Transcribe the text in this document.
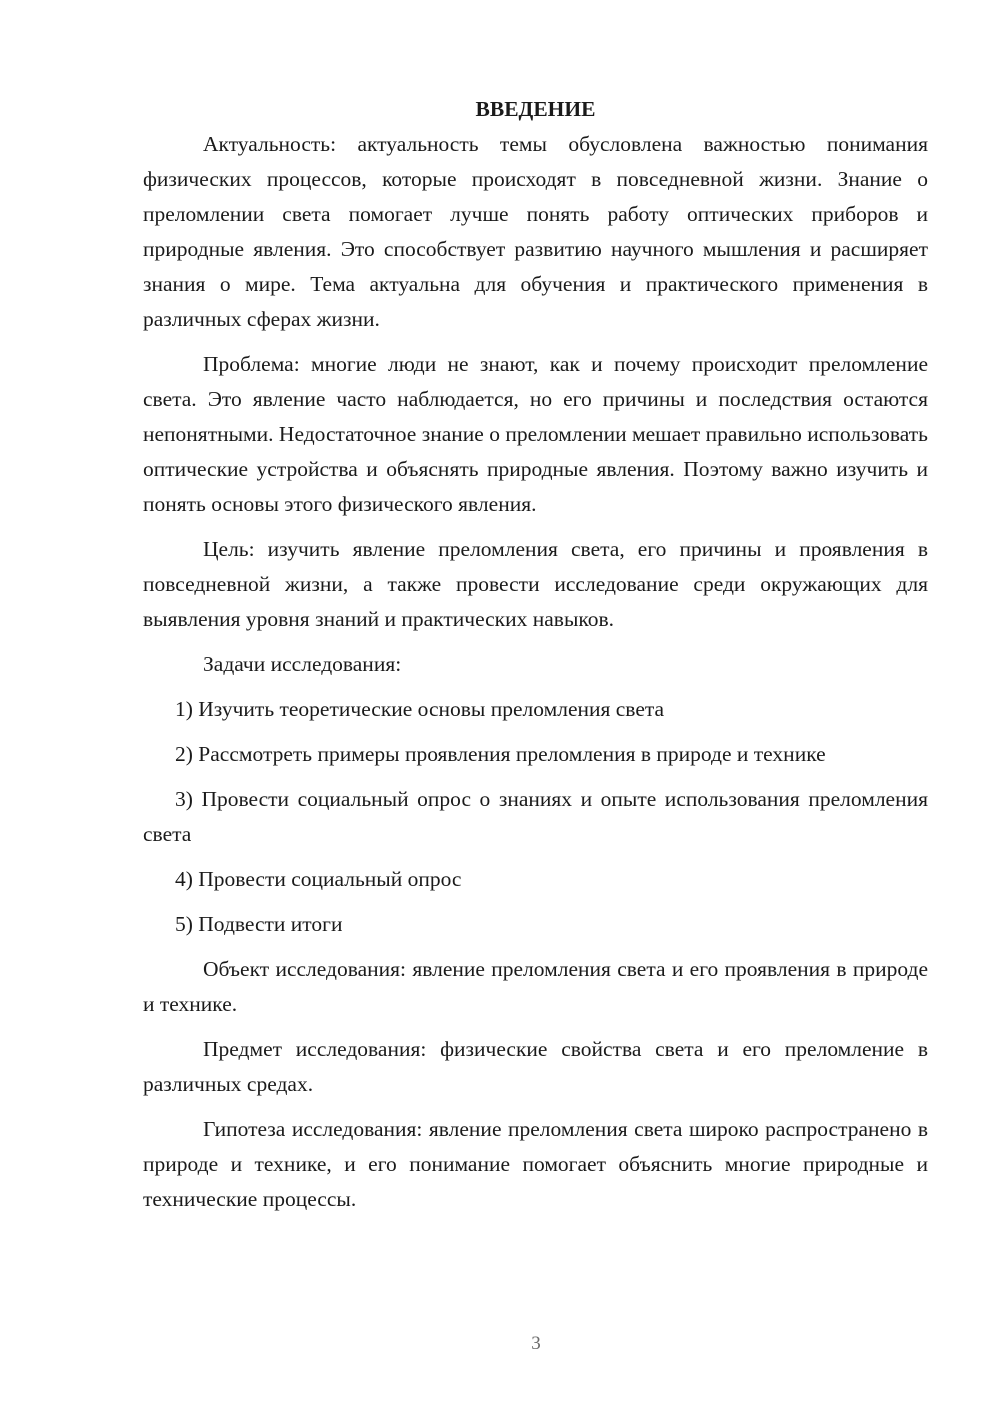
ВВЕДЕНИЕ

Актуальность: актуальность темы обусловлена важностью понимания физических процессов, которые происходят в повседневной жизни. Знание о преломлении света помогает лучше понять работу оптических приборов и природные явления. Это способствует развитию научного мышления и расширяет знания о мире. Тема актуальна для обучения и практического применения в различных сферах жизни.

Проблема: многие люди не знают, как и почему происходит преломление света. Это явление часто наблюдается, но его причины и последствия остаются непонятными. Недостаточное знание о преломлении мешает правильно использовать оптические устройства и объяснять природные явления. Поэтому важно изучить и понять основы этого физического явления.

Цель: изучить явление преломления света, его причины и проявления в повседневной жизни, а также провести исследование среди окружающих для выявления уровня знаний и практических навыков.

Задачи исследования:

1) Изучить теоретические основы преломления света

2) Рассмотреть примеры проявления преломления в природе и технике

3) Провести социальный опрос о знаниях и опыте использования преломления света

4) Провести социальный опрос

5) Подвести итоги

Объект исследования: явление преломления света и его проявления в природе и технике.

Предмет исследования: физические свойства света и его преломление в различных средах.

Гипотеза исследования: явление преломления света широко распространено в природе и технике, и его понимание помогает объяснить многие природные и технические процессы.

3
